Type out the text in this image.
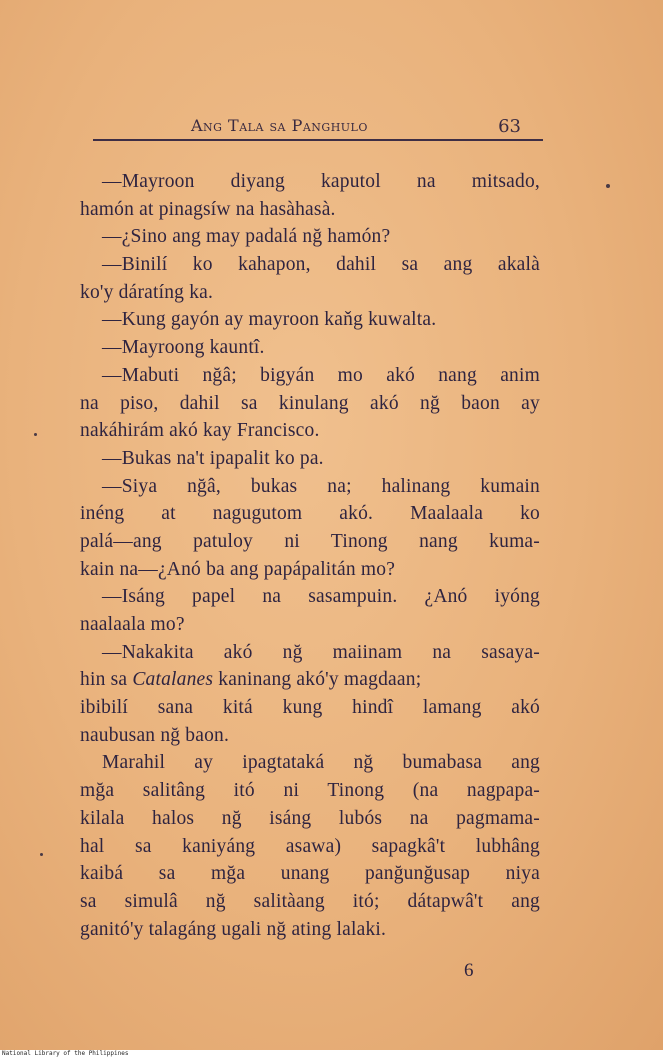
Ang Tala sa Panghulo	63
—Mayroon diyang kaputol na mitsado,
hamón at pinagsíw na hasàhasà.
—¿Sino ang may padalá nğ hamón?
—Binilí ko kahapon, dahil sa ang akalà
ko'y dáratíng ka.
—Kung gayón ay mayroon kaňg kuwalta.
—Mayroong kauntî.
—Mabuti nğâ; bigyán mo akó nang anim
na piso, dahil sa kinulang akó nğ baon ay
nakáhirám akó kay Francisco.
—Bukas na't ipapalit ko pa.
—Siya nğâ, bukas na; halinang kumain
inéng at nagugutom akó. Maalaala ko
palá—ang patuloy ni Tinong nang kuma-
kain na—¿Anó ba ang papápalitán mo?
—Isáng papel na sasampuin. ¿Anó iyóng
naalaala mo?
—Nakakita akó nğ maiinam na sasaya-
hin sa Catalanes kaninang akó'y magdaan;
ibibilí sana kitá kung hindî lamang akó
naubusan nğ baon.
Marahil ay ipagtatаká nğ bumabasa ang
mğa salitâng itó ni Tinong (na nagpapa-
kilala halos nğ isáng lubós na pagmama-
hal sa kaniyáng asawa) sapagkâ't lubhâng
kaibá sa mğa unang panğunğusap niya
sa simulâ nğ salitàang itó; dátapwâ't ang
ganitó'y talagáng ugali nğ ating lalaki.
6
National Library of the Philippines
